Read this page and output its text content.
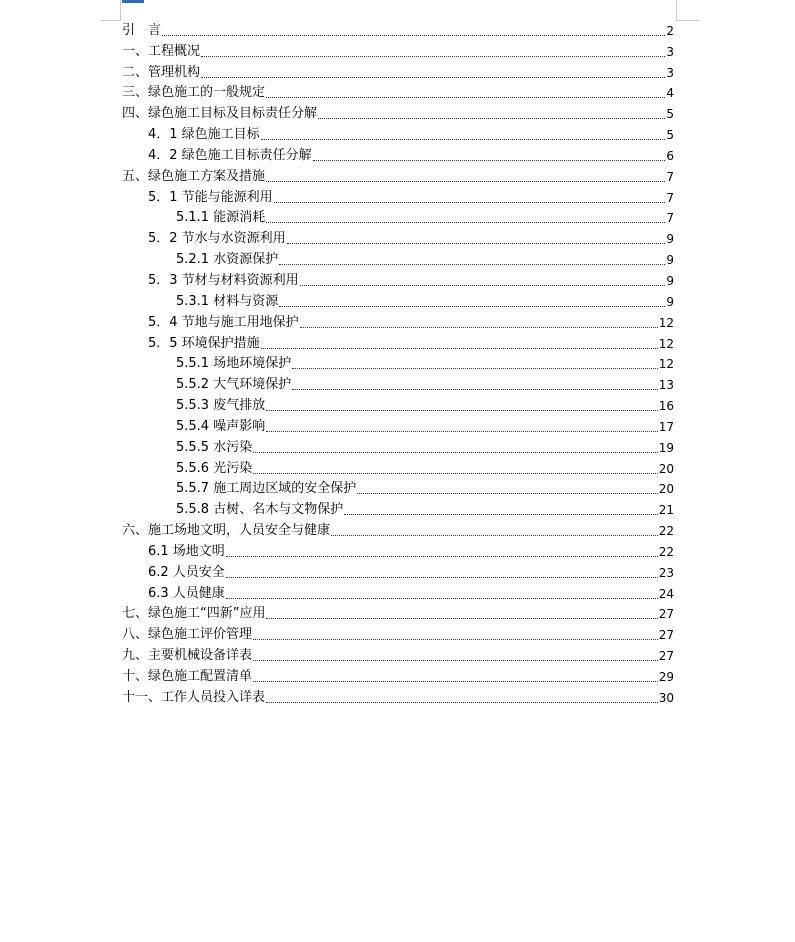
引　言	2
一、工程概况	3
二、管理机构	3
三、绿色施工的一般规定	4
四、绿色施工目标及目标责任分解	5
4．1 绿色施工目标	5
4．2 绿色施工目标责任分解	6
五、绿色施工方案及措施	7
5．1 节能与能源利用	7
5.1.1 能源消耗	7
5．2 节水与水资源利用	9
5.2.1 水资源保护	9
5．3 节材与材料资源利用	9
5.3.1 材料与资源	9
5．4 节地与施工用地保护	12
5．5 环境保护措施	12
5.5.1 场地环境保护	12
5.5.2 大气环境保护	13
5.5.3 废气排放	16
5.5.4 噪声影响	17
5.5.5 水污染	19
5.5.6 光污染	20
5.5.7 施工周边区域的安全保护	20
5.5.8 古树、名木与文物保护	21
六、施工场地文明，人员安全与健康	22
6.1 场地文明	22
6.2 人员安全	23
6.3 人员健康	24
七、绿色施工“四新”应用	27
八、绿色施工评价管理	27
九、主要机械设备详表	27
十、绿色施工配置清单	29
十一、工作人员投入详表	30
